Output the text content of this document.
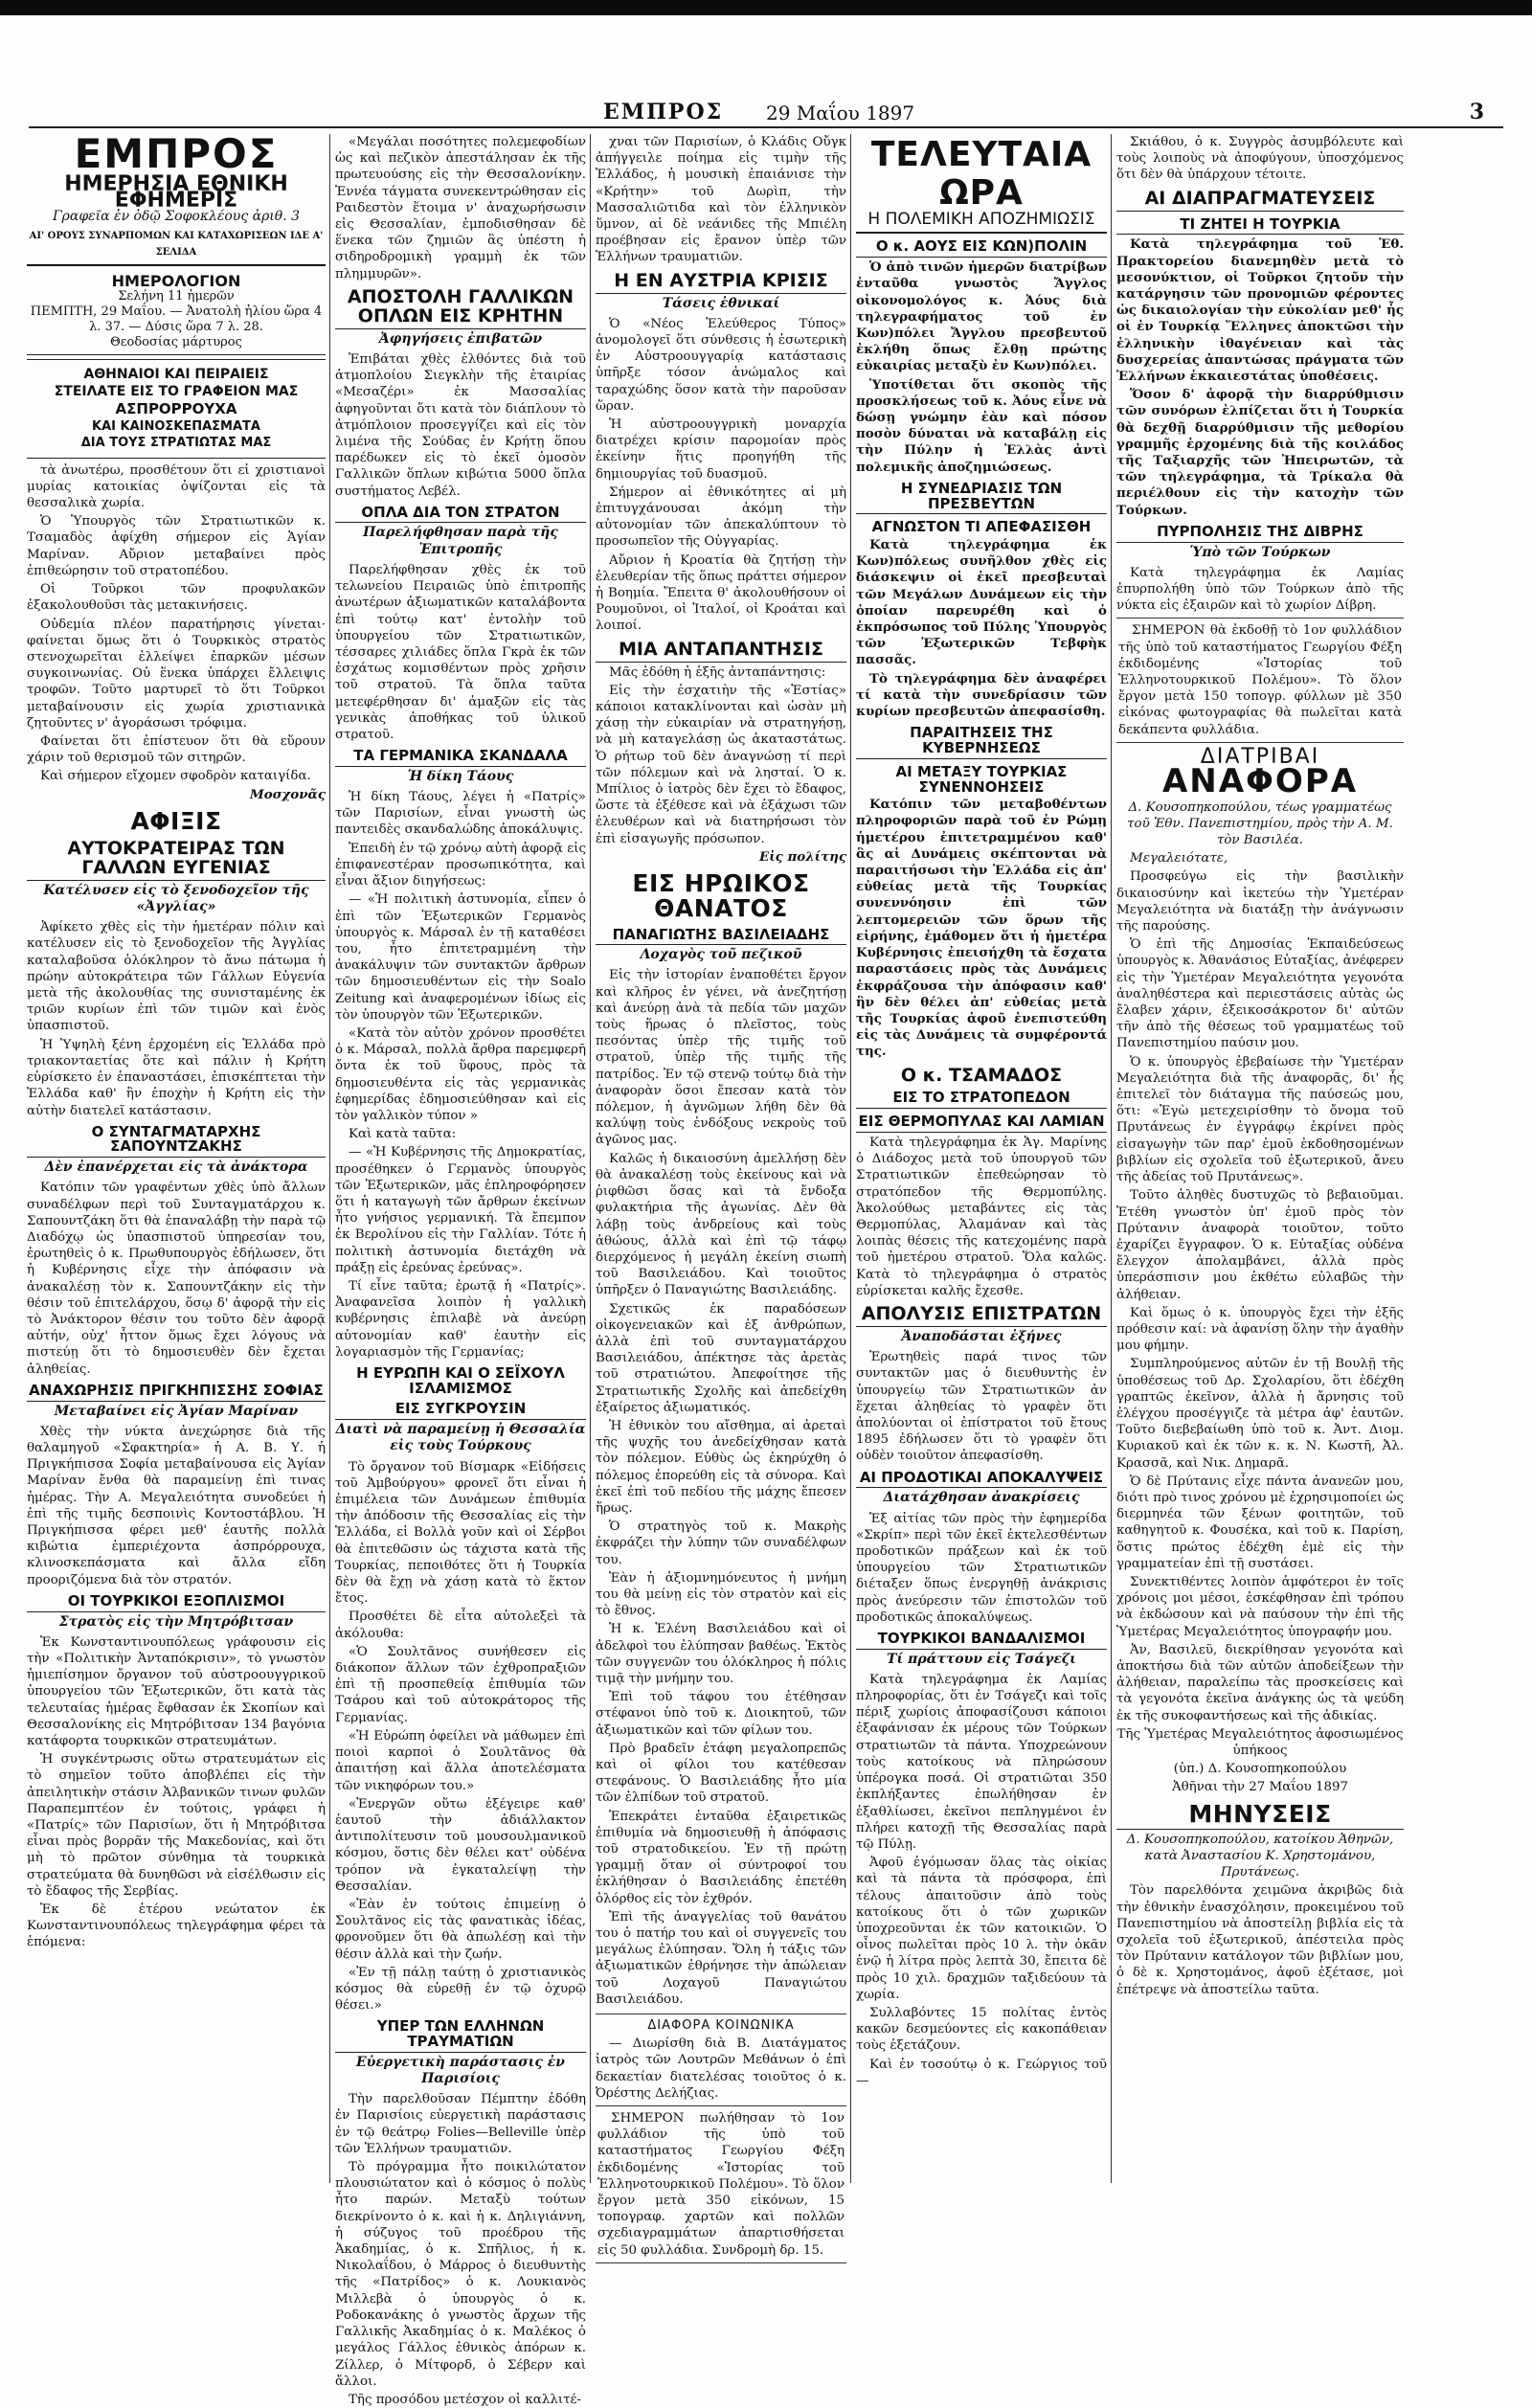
ΕΜΠΡΟΣ 29 Μαΐου 1897	3
ΕΜΠΡΟΣ
ΗΜΕΡΗΣΙΑ ΕΘΝΙΚΗ ΕΦΗΜΕΡΙΣ
Γραφεῖα ἐν ὁδῷ Σοφοκλέους ἀριθ. 3
ΑΙ' ΟΡΟΥΣ ΣΥΝΑΡΠΟΜΩΝ ΚΑΙ ΚΑΤΑΧΩΡΙΣΕΩΝ ΙΔΕ Α' ΣΕΛΙΔΑ
ΗΜΕΡΟΛΟΓΙΟΝ
Σελήνη 11 ἡμερῶν
ΠΕΜΠΤΗ, 29 Μαΐου. — Ἀνατολὴ ἡλίου ὥρα 4 λ. 37. — Δύσις ὥρα 7 λ. 28.
Θεοδοσίας μάρτυρος
ΑΘΗΝΑΙΟΙ ΚΑΙ ΠΕΙΡΑΙΕΙΣ
ΣΤΕΙΛΑΤΕ ΕΙΣ ΤΟ ΓΡΑΦΕΙΟΝ ΜΑΣ
ΑΣΠΡΟΡΡΟΥΧΑ
ΚΑΙ ΚΑΙΝΟΣΚΕΠΑΣΜΑΤΑ
ΔΙΑ ΤΟΥΣ ΣΤΡΑΤΙΩΤΑΣ ΜΑΣ

τὰ ἀνωτέρω, προσθέτουν ὅτι εἰ χριστιανοὶ μυρίας κατοικίας ὀψίζονται εἰς τὰ θεσσαλικὰ χωρία.

Ὁ Ὑπουργὸς τῶν Στρατιωτικῶν κ. Τσαμαδὸς ἀφίχθη σήμερον εἰς Ἁγίαν Μαρίναν. Αὔριον μεταβαίνει πρὸς ἐπιθεώρησιν τοῦ στρατοπέδου.

Οἱ Τοῦρκοι τῶν προφυλακῶν ἐξακολουθοῦσι τὰς μετακινήσεις.

Οὐδεμία πλέον παρατήρησις γίνεται· φαίνεται ὅμως ὅτι ὁ Τουρκικὸς στρατὸς στενοχωρεῖται ἐλλείψει ἐπαρκῶν μέσων συγκοινωνίας. Οὐ ἕνεκα ὑπάρχει ἔλλειψις τροφῶν. Τοῦτο μαρτυρεῖ τὸ ὅτι Τοῦρκοι μεταβαίνουσιν εἰς χωρία χριστιανικὰ ζητοῦντες ν' ἀγοράσωσι τρόφιμα.

Φαίνεται ὅτι ἐπίστευον ὅτι θὰ εὕρουν χάριν τοῦ θερισμοῦ τῶν σιτηρῶν.

Καὶ σήμερον εἴχομεν σφοδρὸν καταιγίδα.

Μοσχονᾶς

ΑΦΙΞΙΣ
ΑΥΤΟΚΡΑΤΕΙΡΑΣ ΤΩΝ ΓΑΛΛΩΝ ΕΥΓΕΝΙΑΣ
Κατέλυσεν εἰς τὸ ξενοδοχεῖον τῆς «Ἀγγλίας»

Ἀφίκετο χθὲς εἰς τὴν ἡμετέραν πόλιν καὶ κατέλυσεν εἰς τὸ ξενοδοχεῖον τῆς Ἀγγλίας καταλαβοῦσα ὁλόκληρον τὸ ἄνω πάτωμα ἡ πρώην αὐτοκράτειρα τῶν Γάλλων Εὐγενία μετὰ τῆς ἀκολουθίας της συνισταμένης ἐκ τριῶν κυρίων ἐπὶ τῶν τιμῶν καὶ ἑνὸς ὑπασπιστοῦ.

Ἡ Ὑψηλὴ ξένη ἐρχομένη εἰς Ἑλλάδα πρὸ τριακονταετίας ὅτε καὶ πάλιν ἡ Κρήτη εὑρίσκετο ἐν ἐπαναστάσει, ἐπισκέπτεται τὴν Ἑλλάδα καθ' ἣν ἐποχὴν ἡ Κρήτη εἰς τὴν αὐτὴν διατελεῖ κατάστασιν.

Ο ΣΥΝΤΑΓΜΑΤΑΡΧΗΣ ΣΑΠΟΥΝΤΖΑΚΗΣ
Δὲν ἐπανέρχεται εἰς τὰ ἀνάκτορα

Κατόπιν τῶν γραφέντων χθὲς ὑπὸ ἄλλων συναδέλφων περὶ τοῦ Συνταγματάρχου κ. Σαπουντζάκη ὅτι θὰ ἐπαναλάβῃ τὴν παρὰ τῷ Διαδόχῳ ὡς ὑπασπιστοῦ ὑπηρεσίαν του, ἐρωτηθεὶς ὁ κ. Πρωθυπουργὸς ἐδήλωσεν, ὅτι ἡ Κυβέρνησις εἶχε τὴν ἀπόφασιν νὰ ἀνακαλέσῃ τὸν κ. Σαπουντζάκην εἰς τὴν θέσιν τοῦ ἐπιτελάρχου, ὅσῳ δ' ἀφορᾷ τὴν εἰς τὸ Ἀνάκτορον θέσιν του τοῦτο δὲν ἀφορᾷ αὐτήν, οὐχ' ἧττον ὅμως ἔχει λόγους νὰ πιστεύῃ ὅτι τὸ δημοσιευθὲν δὲν ἔχεται ἀληθείας.

ΑΝΑΧΩΡΗΣΙΣ ΠΡΙΓΚΗΠΙΣΣΗΣ ΣΟΦΙΑΣ
Μεταβαίνει εἰς Ἁγίαν Μαρίναν

Χθὲς τὴν νύκτα ἀνεχώρησε διὰ τῆς θαλαμηγοῦ «Σφακτηρία» ἡ Α. Β. Υ. ἡ Πριγκήπισσα Σοφία μεταβαίνουσα εἰς Ἁγίαν Μαρίναν ἔνθα θὰ παραμείνῃ ἐπὶ τινας ἡμέρας. Τὴν Α. Μεγαλειότητα συνοδεύει ἡ ἐπὶ τῆς τιμῆς δεσποινὶς Κοντοστάβλου. Ἡ Πριγκήπισσα φέρει μεθ' ἑαυτῆς πολλὰ κιβώτια ἐμπεριέχοντα ἀσπρόρρουχα, κλινοσκεπάσματα καὶ ἄλλα εἴδη προοριζόμενα διὰ τὸν στρατόν.

ΟΙ ΤΟΥΡΚΙΚΟΙ ΕΞΟΠΛΙΣΜΟΙ
Στρατὸς εἰς τὴν Μητρόβιτσαν

Ἐκ Κωνσταντινουπόλεως γράφουσιν εἰς τὴν «Πολιτικὴν Ἀνταπόκρισιν», τὸ γνωστὸν ἡμιεπίσημον ὄργανον τοῦ αὐστροουγγρικοῦ ὑπουργείου τῶν Ἐξωτερικῶν, ὅτι κατὰ τὰς τελευταίας ἡμέρας ἔφθασαν ἐκ Σκοπίων καὶ Θεσσαλονίκης εἰς Μητρόβιτσαν 134 βαγόνια κατάφορτα τουρκικῶν στρατευμάτων.

Ἡ συγκέντρωσις οὕτω στρατευμάτων εἰς τὸ σημεῖον τοῦτο ἀποβλέπει εἰς τὴν ἀπειλητικὴν στάσιν Ἀλβανικῶν τινων φυλῶν Παραπεμπτέον ἐν τούτοις, γράφει ἡ «Πατρίς» τῶν Παρισίων, ὅτι ἡ Μητρόβιτσα εἶναι πρὸς βορρᾶν τῆς Μακεδονίας, καὶ ὅτι μὴ τὸ πρῶτον σύνθημα τὰ τουρκικὰ στρατεύματα θὰ δυνηθῶσι νὰ εἰσέλθωσιν εἰς τὸ ἔδαφος τῆς Σερβίας.

Ἐκ δὲ ἑτέρου νεώτατον ἐκ Κωνσταντινουπόλεως τηλεγράφημα φέρει τὰ ἑπόμενα:

«Μεγάλαι ποσότητες πολεμεφοδίων ὡς καὶ πεζικὸν ἀπεστάλησαν ἐκ τῆς πρωτευούσης εἰς τὴν Θεσσαλονίκην. Ἐννέα τάγματα συνεκεντρώθησαν εἰς Ραιδεστὸν ἕτοιμα ν' ἀναχωρήσωσιν εἰς Θεσσαλίαν, ἐμποδισθησαν δὲ ἕνεκα τῶν ζημιῶν ἃς ὑπέστη ἡ σιδηροδρομικὴ γραμμὴ ἐκ τῶν πλημμυρῶν».

ΑΠΟΣΤΟΛΗ ΓΑΛΛΙΚΩΝ ΟΠΛΩΝ ΕΙΣ ΚΡΗΤΗΝ
Ἀφηγήσεις ἐπιβατῶν

Ἐπιβάται χθὲς ἐλθόντες διὰ τοῦ ἀτμοπλοίου Σιεγκλὴν τῆς ἑταιρίας «Μεσαζέρι» ἐκ Μασσαλίας ἀφηγοῦνται ὅτι κατὰ τὸν διάπλουν τὸ ἀτμόπλοιον προσεγγίζει καὶ εἰς τὸν λιμένα τῆς Σούδας ἐν Κρήτῃ ὅπου παρέδωκεν εἰς τὸ ἐκεῖ ὁμοσὸν Γαλλικῶν ὅπλων κιβώτια 5000 ὅπλα συστήματος Λεβέλ.

ΟΠΛΑ ΔΙΑ ΤΟΝ ΣΤΡΑΤΟΝ
Παρελήφθησαν παρὰ τῆς Ἐπιτροπῆς

Παρελήφθησαν χθὲς ἐκ τοῦ τελωνείου Πειραιῶς ὑπὸ ἐπιτροπῆς ἀνωτέρων ἀξιωματικῶν καταλάβοντα ἐπὶ τούτῳ κατ' ἐντολὴν τοῦ ὑπουργείου τῶν Στρατιωτικῶν, τέσσαρες χιλιάδες ὅπλα Γκρὰ ἐκ τῶν ἐσχάτως κομισθέντων πρὸς χρῆσιν τοῦ στρατοῦ. Τὰ ὅπλα ταῦτα μετεφέρθησαν δι' ἁμαξῶν εἰς τὰς γενικὰς ἀποθήκας τοῦ ὑλικοῦ στρατοῦ.

ΤΑ ΓΕΡΜΑΝΙΚΑ ΣΚΑΝΔΑΛΑ
Ἡ δίκη Τάους

Ἡ δίκη Τάους, λέγει ἡ «Πατρίς» τῶν Παρισίων, εἶναι γνωστὴ ὡς παντειδὲς σκανδαλώδης ἀποκάλυψις.

Ἐπειδὴ ἐν τῷ χρόνῳ αὐτὴ ἀφορᾷ εἰς ἐπιφανεστέραν προσωπικότητα, καὶ εἶναι ἄξιον διηγήσεως:

— «Ἡ πολιτικὴ ἀστυνομία, εἶπεν ὁ ἐπὶ τῶν Ἐξωτερικῶν Γερμανὸς ὑπουργὸς κ. Μάρσαλ ἐν τῇ καταθέσει του, ἦτο ἐπιτετραμμένη τὴν ἀνακάλυψιν τῶν συντακτῶν ἄρθρων τῶν δημοσιευθέντων εἰς τὴν Soalo Zeitung καὶ ἀναφερομένων ἰδίως εἰς τὸν ὑπουργὸν τῶν Ἐξωτερικῶν.

«Κατὰ τὸν αὐτὸν χρόνον προσθέτει ὁ κ. Μάρσαλ, πολλὰ ἄρθρα παρεμφερῆ ὄντα ἐκ τοῦ ὕφους, πρὸς τὰ δημοσιευθέντα εἰς τὰς γερμανικὰς ἐφημερίδας ἐδημοσιεύθησαν καὶ εἰς τὸν γαλλικὸν τύπον »

Καὶ κατὰ ταῦτα:

— «Ἡ Κυβέρνησις τῆς Δημοκρατίας, προσέθηκεν ὁ Γερμανὸς ὑπουργὸς τῶν Ἐξωτερικῶν, μᾶς ἐπληροφόρησεν ὅτι ἡ καταγωγὴ τῶν ἄρθρων ἐκείνων ἦτο γνήσιος γερμανική. Τὰ ἔπεμπον ἐκ Βερολίνου εἰς τὴν Γαλλίαν. Τότε ἡ πολιτικὴ ἀστυνομία διετάχθη νὰ πράξῃ εἰς ἐρεύνας ἐρεύνας».

Τί εἶνε ταῦτα; ἐρωτᾷ ἡ «Πατρίς». Ἀναφανεῖσα λοιπὸν ἡ γαλλικὴ κυβέρνησις ἐπιλαβὲ νὰ ἀνεύρῃ αὐτονομίαν καθ' ἑαυτὴν εἰς λογαριασμὸν τῆς Γερμανίας;

Η ΕΥΡΩΠΗ ΚΑΙ Ο ΣΕΪΧΟΥΛ ΙΣΛΑΜΙΣΜΟΣ
ΕΙΣ ΣΥΓΚΡΟΥΣΙΝ
Διατὶ νὰ παραμείνῃ ἡ Θεσσαλία εἰς τοὺς Τούρκους

Τὸ ὄργανον τοῦ Βίσμαρκ «Εἰδήσεις τοῦ Ἀμβούργου» φρονεῖ ὅτι εἶναι ἡ ἐπιμέλεια τῶν Δυνάμεων ἐπιθυμία τὴν ἀπόδοσιν τῆς Θεσσαλίας εἰς τὴν Ἑλλάδα, εἰ Βολλὰ γοῦν καὶ οἱ Σέρβοι θὰ ἐπιτεθῶσιν ὡς τάχιστα κατὰ τῆς Τουρκίας, πεποιθότες ὅτι ἡ Τουρκία δὲν θὰ ἔχῃ νὰ χάσῃ κατὰ τὸ ἕκτον ἔτος.

Προσθέτει δὲ εἶτα αὐτολεξεὶ τὰ ἀκόλουθα:

«Ὁ Σουλτᾶνος συνήθεσεν εἰς διάκοπον ἄλλων τῶν ἐχθροπραξιῶν ἐπὶ τῇ προσπεθείᾳ ἐπιθυμία τῶν Τσάρου καὶ τοῦ αὐτοκράτορος τῆς Γερμανίας.

«Ἡ Εὐρώπη ὀφείλει νὰ μάθωμεν ἐπὶ ποιοὶ καρποὶ ὁ Σουλτᾶνος θὰ ἀπαιτήσῃ καὶ ἄλλα ἀποτελέσματα τῶν νικηφόρων του.»

«Ἐνεργῶν οὕτω ἐξέγειρε καθ' ἑαυτοῦ τὴν ἀδιάλλακτον ἀντιπολίτευσιν τοῦ μουσουλμανικοῦ κόσμου, ὅστις δὲν θέλει κατ' οὐδένα τρόπον νὰ ἐγκαταλείψῃ τὴν Θεσσαλίαν.

«Ἐὰν ἐν τούτοις ἐπιμείνῃ ὁ Σουλτᾶνος εἰς τὰς φανατικὰς ἰδέας, φρονοῦμεν ὅτι θὰ ἀπωλέσῃ καὶ τὴν θέσιν ἀλλὰ καὶ τὴν ζωήν.

«Ἐν τῇ πάλῃ ταύτῃ ὁ χριστιανικὸς κόσμος θὰ εὑρεθῇ ἐν τῷ ὀχυρῷ θέσει.»

ΥΠΕΡ ΤΩΝ ΕΛΛΗΝΩΝ ΤΡΑΥΜΑΤΙΩΝ
Εὐεργετικὴ παράστασις ἐν Παρισίοις

Τὴν παρελθοῦσαν Πέμπτην ἐδόθη ἐν Παρισίοις εὐεργετικὴ παράστασις ἐν τῷ θεάτρῳ Folies—Belleville ὑπὲρ τῶν Ἑλλήνων τραυματιῶν.

Τὸ πρόγραμμα ἦτο ποικιλώτατον πλουσιώτατον καὶ ὁ κόσμος ὁ πολὺς ἦτο παρών. Μεταξὺ τούτων διεκρίνοντο ὁ κ. καὶ ἡ κ. Δηλιγιάννη, ἡ σύζυγος τοῦ προέδρου τῆς Ἀκαδημίας, ὁ κ. Σπῆλιος, ἡ κ. Νικολαΐδου, ὁ Μάρρος ὁ διευθυντὴς τῆς «Πατρίδος» ὁ κ. Λουκιανὸς Μιλλεβὰ ὁ ὑπουργὸς ὁ κ. Ροδοκανάκης ὁ γνωστὸς ἄρχων τῆς Γαλλικῆς Ἀκαδημίας ὁ κ. Μαλέκος ὁ μεγάλος Γάλλος ἐθνικὸς ἀπόρων κ. Ζίλλερ, ὁ Μίτφορδ, ὁ Σέβερν καὶ ἄλλοι.

Τῆς προσόδου μετέσχον οἱ καλλιτέ-

χναι τῶν Παρισίων, ὁ Κλάδις Οὔγκ ἀπήγγειλε ποίημα εἰς τιμὴν τῆς Ἑλλάδος, ἡ μουσικὴ ἐπαιάνισε τὴν «Κρήτην» τοῦ Δωρὶπ, τὴν Μασσαλιῶτιδα καὶ τὸν ἑλληνικὸν ὕμνον, αἱ δὲ νεάνιδες τῆς Μπιέλη προέβησαν εἰς ἔρανον ὑπὲρ τῶν Ἑλλήνων τραυματιῶν.

Η ΕΝ ΑΥΣΤΡΙΑ ΚΡΙΣΙΣ
Τάσεις ἐθνικαί

Ὁ «Νέος Ἐλεύθερος Τύπος» ἀνομολογεῖ ὅτι σύνθεσις ἡ ἐσωτερικὴ ἐν Αὐστροουγγαρίᾳ κατάστασις ὑπῆρξε τόσον ἀνώμαλος καὶ ταραχώδης ὅσον κατὰ τὴν παροῦσαν ὥραν.

Ἡ αὐστροουγγρικὴ μοναρχία διατρέχει κρίσιν παρομοίαν πρὸς ἐκείνην ἥτις προηγήθη τῆς δημιουργίας τοῦ δυασμοῦ.

Σήμερον αἱ ἐθνικότητες αἱ μὴ ἐπιτυγχάνουσαι ἀκόμη τὴν αὐτονομίαν τῶν ἀπεκαλύπτουν τὸ προσωπεῖον τῆς Οὐγγαρίας.

Αὔριον ἡ Κροατία θὰ ζητήσῃ τὴν ἐλευθερίαν τῆς ὅπως πράττει σήμερον ἡ Βοημία. Ἔπειτα θ' ἀκολουθήσουν οἱ Ρουμοῦνοι, οἱ Ἰταλοί, οἱ Κροάται καὶ λοιποί.

ΜΙΑ ΑΝΤΑΠΑΝΤΗΣΙΣ

Μᾶς ἐδόθη ἡ ἑξῆς ἀνταπάντησις:

Εἰς τὴν ἐσχατιὴν τῆς «Ἑστίας» κάποιοι κατακλίνονται καὶ ὡσὰν μὴ χάσῃ τὴν εὐκαιρίαν νὰ στρατηγήσῃ, νὰ μὴ καταγελάσῃ ὡς ἀκαταστάτως. Ὁ ρήτωρ τοῦ δὲν ἀναγνώσῃ τί περὶ τῶν πόλεμων καὶ νὰ λησταί. Ὁ κ. Μπίλιος ὁ ἰατρὸς δὲν ἔχει τὸ ἔδαφος, ὥστε τὰ ἐξέθεσε καὶ νὰ ἐξάχωσι τῶν ἐλευθέρων καὶ νὰ διατηρήσωσι τὸν ἐπὶ εἰσαγωγῆς πρόσωπον.

Εἰς πολίτης

ΕΙΣ ΗΡΩΙΚΟΣ ΘΑΝΑΤΟΣ
ΠΑΝΑΓΙΩΤΗΣ ΒΑΣΙΛΕΙΑΔΗΣ
Λοχαγὸς τοῦ πεζικοῦ

Εἰς τὴν ἱστορίαν ἐναποθέτει ἔργον καὶ κλῆρος ἐν γένει, νὰ ἀνεζητήσῃ καὶ ἀνεύρῃ ἀνὰ τὰ πεδία τῶν μαχῶν τοὺς ἥρωας ὁ πλεῖστος, τοὺς πεσόντας ὑπὲρ τῆς τιμῆς τοῦ στρατοῦ, ὑπὲρ τῆς τιμῆς τῆς πατρίδος. Ἐν τῷ στενῷ τούτῳ διὰ τὴν ἀναφορὰν ὅσοι ἔπεσαν κατὰ τὸν πόλεμον, ἡ ἀγνῶμων λήθη δὲν θὰ καλύψῃ τοὺς ἐνδόξους νεκροὺς τοῦ ἀγῶνος μας.

Καλῶς ἡ δικαιοσύνη ἀμελλήσῃ δὲν θὰ ἀνακαλέσῃ τοὺς ἐκείνους καὶ νὰ ῥιφθῶσι ὅσας καὶ τὰ ἔνδοξα φυλακτήρια τῆς ἀγωνίας. Δὲν θὰ λάβῃ τοὺς ἀνδρείους καὶ τοὺς ἀθώους, ἀλλὰ καὶ ἐπὶ τῷ τάφῳ διερχόμενος ἡ μεγάλη ἐκείνη σιωπὴ τοῦ Βασιλειάδου. Καὶ τοιοῦτος ὑπῆρξεν ὁ Παναγιώτης Βασιλειάδης.

Σχετικῶς ἐκ παραδόσεων οἰκογενειακῶν καὶ ἐξ ἀνθρώπων, ἀλλὰ ἐπὶ τοῦ συνταγματάρχου Βασιλειάδου, ἀπέκτησε τὰς ἀρετὰς τοῦ στρατιώτου. Ἀπεφοίτησε τῆς Στρατιωτικῆς Σχολῆς καὶ ἀπεδείχθη ἐξαίρετος ἀξιωματικός.

Ἡ ἐθνικὸν του αἴσθημα, αἱ ἀρεταὶ τῆς ψυχῆς του ἀνεδείχθησαν κατὰ τὸν πόλεμον. Εὐθὺς ὡς ἐκηρύχθη ὁ πόλεμος ἐπορεύθη εἰς τὰ σύνορα. Καὶ ἐκεῖ ἐπὶ τοῦ πεδίου τῆς μάχης ἔπεσεν ἥρως.

Ὁ στρατηγὸς τοῦ κ. Μακρὴς ἐκφράζει τὴν λύπην τῶν συναδέλφων του.

Ἐὰν ἡ ἀξιομνημόνευτος ἡ μνήμη του θὰ μείνῃ εἰς τὸν στρατὸν καὶ εἰς τὸ ἔθνος.

Ἡ κ. Ἑλένη Βασιλειάδου καὶ οἱ ἀδελφοὶ του ἐλύπησαν βαθέως. Ἐκτὸς τῶν συγγενῶν του ὁλόκληρος ἡ πόλις τιμᾷ τὴν μνήμην του.

Ἐπὶ τοῦ τάφου του ἐτέθησαν στέφανοι ὑπὸ τοῦ κ. Διοικητοῦ, τῶν ἀξιωματικῶν καὶ τῶν φίλων του.

Πρὸ βραδεῖν ἐτάφη μεγαλοπρεπῶς καὶ οἱ φίλοι του κατέθεσαν στεφάνους. Ὁ Βασιλειάδης ἦτο μία τῶν ἐλπίδων τοῦ στρατοῦ.

Ἐπεκράτει ἐνταῦθα ἐξαιρετικῶς ἐπιθυμία νὰ δημοσιευθῇ ἡ ἀπόφασις τοῦ στρατοδικείου. Ἐν τῇ πρώτῃ γραμμῇ ὅταν οἱ σύντροφοί του ἐκλήθησαν ὁ Βασιλειάδης ἐπετέθη ὁλόρθος εἰς τὸν ἐχθρόν.

Ἐπὶ τῆς ἀναγγελίας τοῦ θανάτου του ὁ πατήρ του καὶ οἱ συγγενεῖς του μεγάλως ἐλύπησαν. Ὅλη ἡ τάξις τῶν ἀξιωματικῶν ἐθρήνησε τὴν ἀπώλειαν τοῦ Λοχαγοῦ Παναγιώτου Βασιλειάδου.

ΔΙΑΦΟΡΑ ΚΟΙΝΩΝΙΚΑ

— Διωρίσθη διὰ Β. Διατάγματος ἰατρὸς τῶν Λουτρῶν Μεθάνων ὁ ἐπὶ δεκαετίαν διατελέσας τοιοῦτος ὁ κ. Ὀρέστης Δελήζιας.

ΣΗΜΕΡΟΝ πωλήθησαν τὸ 1ον φυλλάδιον τῆς ὑπὸ τοῦ καταστήματος Γεωργίου Φέξη ἐκδιδομένης «Ἱστορίας τοῦ Ἑλληνοτουρκικοῦ Πολέμου». Τὸ ὅλον ἔργον μετὰ 350 εἰκόνων, 15 τοπογραφ. χαρτῶν καὶ πολλῶν σχεδιαγραμμάτων ἀπαρτισθήσεται εἰς 50 φυλλάδια. Συνδρομὴ δρ. 15.

ΤΕΛΕΥΤΑΙΑ ΩΡΑ
Η ΠΟΛΕΜΙΚΗ ΑΠΟΖΗΜΙΩΣΙΣ
Ο κ. ΑΟΥΣ ΕΙΣ ΚΩΝ)ΠΟΛΙΝ

Ὁ ἀπὸ τινῶν ἡμερῶν διατρίβων ἐνταῦθα γνωστὸς Ἄγγλος οἰκονομολόγος κ. Ἀόυς διὰ τηλεγραφήματος τοῦ ἐν Κων)πόλει Ἄγγλου πρεσβευτοῦ ἐκλήθη ὅπως ἔλθῃ πρώτης εὐκαιρίας μεταξὺ ἐν Κων)πόλει.

Ὑποτίθεται ὅτι σκοπὸς τῆς προσκλήσεως τοῦ κ. Ἀόυς εἶνε νὰ δώσῃ γνώμην ἐὰν καὶ πόσον ποσὸν δύναται νὰ καταβάλῃ εἰς τὴν Πύλην ἡ Ἑλλὰς ἀντὶ πολεμικῆς ἀποζημιώσεως.

Η ΣΥΝΕΔΡΙΑΣΙΣ ΤΩΝ ΠΡΕΣΒΕΥΤΩΝ
ΑΓΝΩΣΤΟΝ ΤΙ ΑΠΕΦΑΣΙΣΘΗ

Κατὰ τηλεγράφημα ἐκ Κων)πόλεως συνῆλθον χθὲς εἰς διάσκεψιν οἱ ἐκεῖ πρεσβευταὶ τῶν Μεγάλων Δυνάμεων εἰς τὴν ὁποίαν παρευρέθη καὶ ὁ ἐκπρόσωπος τοῦ Πύλης Ὑπουργὸς τῶν Ἐξωτερικῶν Τεβφὴκ πασσᾶς.

Τὸ τηλεγράφημα δὲν ἀναφέρει τί κατὰ τὴν συνεδρίασιν τῶν κυρίων πρεσβευτῶν ἀπεφασίσθη.

ΠΑΡΑΙΤΗΣΕΙΣ ΤΗΣ ΚΥΒΕΡΝΗΣΕΩΣ
ΑΙ ΜΕΤΑΞΥ ΤΟΥΡΚΙΑΣ ΣΥΝΕΝΝΟΗΣΕΙΣ

Κατόπιν τῶν μεταβοθέντων πληροφοριῶν παρὰ τοῦ ἐν Ρώμῃ ἡμετέρου ἐπιτετραμμένου καθ' ἃς αἱ Δυνάμεις σκέπτονται νὰ παραιτήσωσι τὴν Ἑλλάδα εἰς ἀπ' εὐθείας μετὰ τῆς Τουρκίας συνεννόησιν ἐπὶ τῶν λεπτομερειῶν τῶν ὅρων τῆς εἰρήνης, ἐμάθομεν ὅτι ἡ ἡμετέρα Κυβέρνησις ἐπεισήχθη τὰ ἔσχατα παραστάσεις πρὸς τὰς Δυνάμεις ἐκφράζουσα τὴν ἀπόφασιν καθ' ἣν δὲν θέλει ἀπ' εὐθείας μετὰ τῆς Τουρκίας ἀφοῦ ἐνεπιστεύθη εἰς τὰς Δυνάμεις τὰ συμφέροντά της.

Ο κ. ΤΣΑΜΑΔΟΣ
ΕΙΣ ΤΟ ΣΤΡΑΤΟΠΕΔΟΝ
ΕΙΣ ΘΕΡΜΟΠΥΛΑΣ ΚΑΙ ΛΑΜΙΑΝ

Κατὰ τηλεγράφημα ἐκ Ἁγ. Μαρίνης ὁ Διάδοχος μετὰ τοῦ ὑπουργοῦ τῶν Στρατιωτικῶν ἐπεθεώρησαν τὸ στρατόπεδον τῆς Θερμοπύλης. Ἀκολούθως μεταβάντες εἰς τὰς Θερμοπύλας, Ἀλαμάναν καὶ τὰς λοιπὰς θέσεις τῆς κατεχομένης παρὰ τοῦ ἡμετέρου στρατοῦ. Ὅλα καλῶς. Κατὰ τὸ τηλεγράφημα ὁ στρατὸς εὑρίσκεται καλῆς ἔχεσθε.

ΑΠΟΛΥΣΙΣ ΕΠΙΣΤΡΑΤΩΝ
Ἀναποδάσται ἐξήνες

Ἐρωτηθεὶς παρά τινος τῶν συντακτῶν μας ὁ διευθυντὴς ἐν ὑπουργείῳ τῶν Στρατιωτικῶν ἀν ἔχεται ἀληθείας τὸ γραφὲν ὅτι ἀπολύονται οἱ ἐπίστρατοι τοῦ ἔτους 1895 ἐδήλωσεν ὅτι τὸ γραφὲν ὅτι οὐδὲν τοιοῦτον ἀπεφασίσθη.

ΑΙ ΠΡΟΔΟΤΙΚΑΙ ΑΠΟΚΑΛΥΨΕΙΣ
Διατάχθησαν ἀνακρίσεις

Ἐξ αἰτίας τῶν πρὸς τὴν ἐφημερίδα «Σκρίπ» περὶ τῶν ἐκεῖ ἐκτελεσθέντων προδοτικῶν πράξεων καὶ ἐκ τοῦ ὑπουργείου τῶν Στρατιωτικῶν διέταξεν ὅπως ἐνεργηθῇ ἀνάκρισις πρὸς ἀνεύρεσιν τῶν ἐπιστολῶν τοῦ προδοτικῶς ἀποκαλύψεως.

ΤΟΥΡΚΙΚΟΙ ΒΑΝΔΑΛΙΣΜΟΙ
Τί πράττουν εἰς Τσάγεζι

Κατὰ τηλεγράφημα ἐκ Λαμίας πληροφορίας, ὅτι ἐν Τσάγεζι καὶ τοῖς πέριξ χωρίοις ἀποφασίζουσι κάποιοι ἐξαφάνισαν ἐκ μέρους τῶν Τούρκων στρατιωτῶν τὰ πάντα. Υποχρεώνουν τοὺς κατοίκους νὰ πληρώσουν ὑπέρογκα ποσά. Οἱ στρατιῶται 350 ἐκπλήξαντες ἐπωλήθησαν ἐν ἐξαθλίωσει, ἐκεῖνοι πεπληγμένοι ἐν πλήρει κατοχῇ τῆς Θεσσαλίας παρὰ τῷ Πύλῃ.

Ἀφοῦ ἐγόμωσαν ὅλας τὰς οἰκίας καὶ τὰ πάντα τὰ πρόσφορα, ἐπὶ τέλους ἀπαιτοῦσιν ἀπὸ τοὺς κατοίκους ὅτι ὁ τῶν χωρικῶν ὑποχρεοῦνται ἐκ τῶν κατοικιῶν. Ὁ οἶνος πωλεῖται πρὸς 10 λ. τὴν ὀκᾶν ἐνῷ ἡ λίτρα πρὸς λεπτὰ 30, ἔπειτα δὲ πρὸς 10 χιλ. δραχμῶν ταξιδεύουν τὰ χωρία.

Συλλαβόντες 15 πολίτας ἐντὸς κακῶν δεσμεύοντες εἰς κακοπάθειαν τοὺς ἐξετάζουν.

Καὶ ἐν τοσούτῳ ὁ κ. Γεώργιος τοῦ —

Σκιάθου, ὁ κ. Συγγρὸς ἀσυμβόλευτε καὶ τοὺς λοιποὺς νὰ ἀποφύγουν, ὑποσχόμενος ὅτι δὲν θὰ ὑπάρχουν τέτοιτε.

ΑΙ ΔΙΑΠΡΑΓΜΑΤΕΥΣΕΙΣ
ΤΙ ΖΗΤΕΙ Η ΤΟΥΡΚΙΑ

Κατὰ τηλεγράφημα τοῦ Ἑθ. Πρακτορείου διανεμηθὲν μετὰ τὸ μεσονύκτιον, οἱ Τοῦρκοι ζητοῦν τὴν κατάργησιν τῶν προνομιῶν φέροντες ὡς δικαιολογίαν τὴν εὐκολίαν μεθ' ἧς οἱ ἐν Τουρκίᾳ Ἕλληνες ἀποκτῶσι τὴν ἑλληνικὴν ἰθαγένειαν καὶ τὰς δυσχερείας ἀπαντώσας πράγματα τῶν Ἑλλήνων ἐκκαιεστάτας ὑποθέσεις.

Ὅσον δ' ἀφορᾷ τὴν διαρρύθμισιν τῶν συνόρων ἐλπίζεται ὅτι ἡ Τουρκία θὰ δεχθῇ διαρρύθμισιν τῆς μεθορίου γραμμῆς ἐρχομένης διὰ τῆς κοιλάδος τῆς Ταξιαρχῆς τῶν Ἠπειρωτῶν, τὰ τῶν τηλεγράφημα, τὰ Τρίκαλα θὰ περιέλθουν εἰς τὴν κατοχὴν τῶν Τούρκων.

ΠΥΡΠΟΛΗΣΙΣ ΤΗΣ ΔΙΒΡΗΣ
Ὑπὸ τῶν Τούρκων

Κατὰ τηλεγράφημα ἐκ Λαμίας ἐπυρπολήθη ὑπὸ τῶν Τούρκων ἀπὸ τῆς νύκτα εἰς ἐξαιρῶν καὶ τὸ χωρίον Δίβρη.

ΣΗΜΕΡΟΝ θὰ ἐκδοθῇ τὸ 1ον φυλλάδιον τῆς ὑπὸ τοῦ καταστήματος Γεωργίου Φέξη ἐκδιδομένης «Ἱστορίας τοῦ Ἑλληνοτουρκικοῦ Πολέμου». Τὸ ὅλον ἔργον μετὰ 150 τοπογρ. φύλλων μὲ 350 εἰκόνας φωτογραφίας θὰ πωλεῖται κατὰ δεκάπεντα φυλλάδια.

ΔΙΑΤΡΙΒΑΙ
ΑΝΑΦΟΡΑ

Δ. Κουσοπηκοπούλου, τέως γραμματέως τοῦ Ἐθν. Πανεπιστημίου, πρὸς τὴν Α. Μ. τὸν Βασιλέα.

Μεγαλειότατε,

Προσφεύγω εἰς τὴν βασιλικὴν δικαιοσύνην καὶ ἱκετεύω τὴν Ὑμετέραν Μεγαλειότητα νὰ διατάξῃ τὴν ἀνάγνωσιν τῆς παρούσης.

Ὁ ἐπὶ τῆς Δημοσίας Ἐκπαιδεύσεως ὑπουργὸς κ. Ἀθανάσιος Εὐταξίας, ἀνέφερεν εἰς τὴν Ὑμετέραν Μεγαλειότητα γεγονότα ἀναληθέστερα καὶ περιεστάσεις αὐτὰς ὡς ἔλαβεν χάριν, ἐξεικοσάκροτον δι' αὐτῶν τῆν ἀπὸ τῆς θέσεως τοῦ γραμματέως τοῦ Πανεπιστημίου παύσιν μου.

Ὁ κ. ὑπουργὸς ἐβεβαίωσε τὴν Ὑμετέραν Μεγαλειότητα διὰ τῆς ἀναφορᾶς, δι' ἧς ἐπιτελεῖ τὸν διάταγμα τῆς παύσεώς μου, ὅτι: «Ἐγὼ μετεχειρίσθην τὸ ὄνομα τοῦ Πρυτάνεως ἐν ἐγγράφῳ ἐκρίνει πρὸς εἰσαγωγὴν τῶν παρ' ἐμοῦ ἐκδοθησομένων βιβλίων εἰς σχολεῖα τοῦ ἐξωτερικοῦ, ἄνευ τῆς ἀδείας τοῦ Πρυτάνεως».

Τοῦτο ἀληθὲς δυστυχῶς τὸ βεβαιοῦμαι. Ἐτέθη γνωστὸν ὑπ' ἐμοῦ πρὸς τὸν Πρύτανιν ἀναφορὰ τοιοῦτον, τοῦτο ἐχαρίζει ἔγγραφον. Ὁ κ. Εὐταξίας οὐδένα ἔλεγχον ἀπολαμβάνει, ἀλλὰ πρὸς ὑπεράσπισιν μου ἐκθέτω εὐλαβῶς τὴν ἀλήθειαν.

Καὶ ὅμως ὁ κ. ὑπουργὸς ἔχει τὴν ἐξῆς πρόθεσιν καί: νὰ ἀφανίσῃ ὅλην τὴν ἀγαθὴν μου φήμην.

Συμπληρούμενος αὐτῶν ἐν τῇ Βουλῇ τῆς ὑποθέσεως τοῦ Δρ. Σχολαρίου, ὅτι ἐδέχθη γραπτῶς ἐκεῖνον, ἀλλὰ ἡ ἄρνησις τοῦ ἐλέγχου προσέγγιζε τὰ μέτρα ἀφ' ἑαυτῶν. Τοῦτο διεβεβαίωθη ὑπὸ τοῦ κ. Ἀντ. Διομ. Κυριακοῦ καὶ ἐκ τῶν κ. κ. Ν. Κωστῆ, Ἀλ. Κρασσᾶ, καὶ Νικ. Δημαρᾶ.

Ὁ δὲ Πρύτανις εἶχε πάντα ἀνανεῶν μου, διότι πρὸ τινος χρόνου μὲ ἐχρησιμοποίει ὡς διερμηνέα τῶν ξένων φοιτητῶν, τοῦ καθηγητοῦ κ. Φουσέκα, καὶ τοῦ κ. Παρίση, ὅστις πρώτος ἐδέχθη ἐμὲ εἰς τὴν γραμματείαν ἐπὶ τῇ συστάσει.

Συνεκτιθέντες λοιπὸν ἀμφότεροι ἐν τοῖς χρόνοις μοι μέσοι, ἐσκέφθησαν ἐπὶ τρόπου νὰ ἐκδώσουν καὶ νὰ παύσουν τὴν ἐπὶ τῆς Ὑμετέρας Μεγαλειότητος ὑπογραφήν μου.

Ἀν, Βασιλεῦ, διεκρίθησαν γεγονότα καὶ ἀποκτήσω διὰ τῶν αὐτῶν ἀποδείξεων τὴν ἀλήθειαν, παραλείπω τὰς προσκείσεις καὶ τὰ γεγονότα ἐκεῖνα ἀνάγκης ὡς τὰ ψεύδη ἐκ τῆς συκοφαντήσεως καὶ τῆς ἀδικίας.

Τῆς Ὑμετέρας Μεγαλειότητος ἀφοσιωμένος ὑπήκοος

(ὑπ.) Δ. Κουσοπηκοπούλου

Ἀθῆναι τὴν 27 Μαΐου 1897

ΜΗΝΥΣΕΙΣ

Δ. Κουσοπηκοπούλου, κατοίκου Ἀθηνῶν, κατὰ Ἀναστασίου Κ. Χρηστομάνου, Πρυτάνεως.

Τὸν παρελθόντα χειμῶνα ἀκριβῶς διὰ τὴν ἐθνικὴν ἐνασχόλησιν, προκειμένου τοῦ Πανεπιστημίου νὰ ἀποστείλῃ βιβλία εἰς τὰ σχολεῖα τοῦ ἐξωτερικοῦ, ἀπέστειλα πρὸς τὸν Πρύτανιν κατάλογον τῶν βιβλίων μου, ὁ δὲ κ. Χρηστομάνος, ἀφοῦ ἐξέτασε, μοὶ ἐπέτρεψε νὰ ἀποστείλω ταῦτα.
